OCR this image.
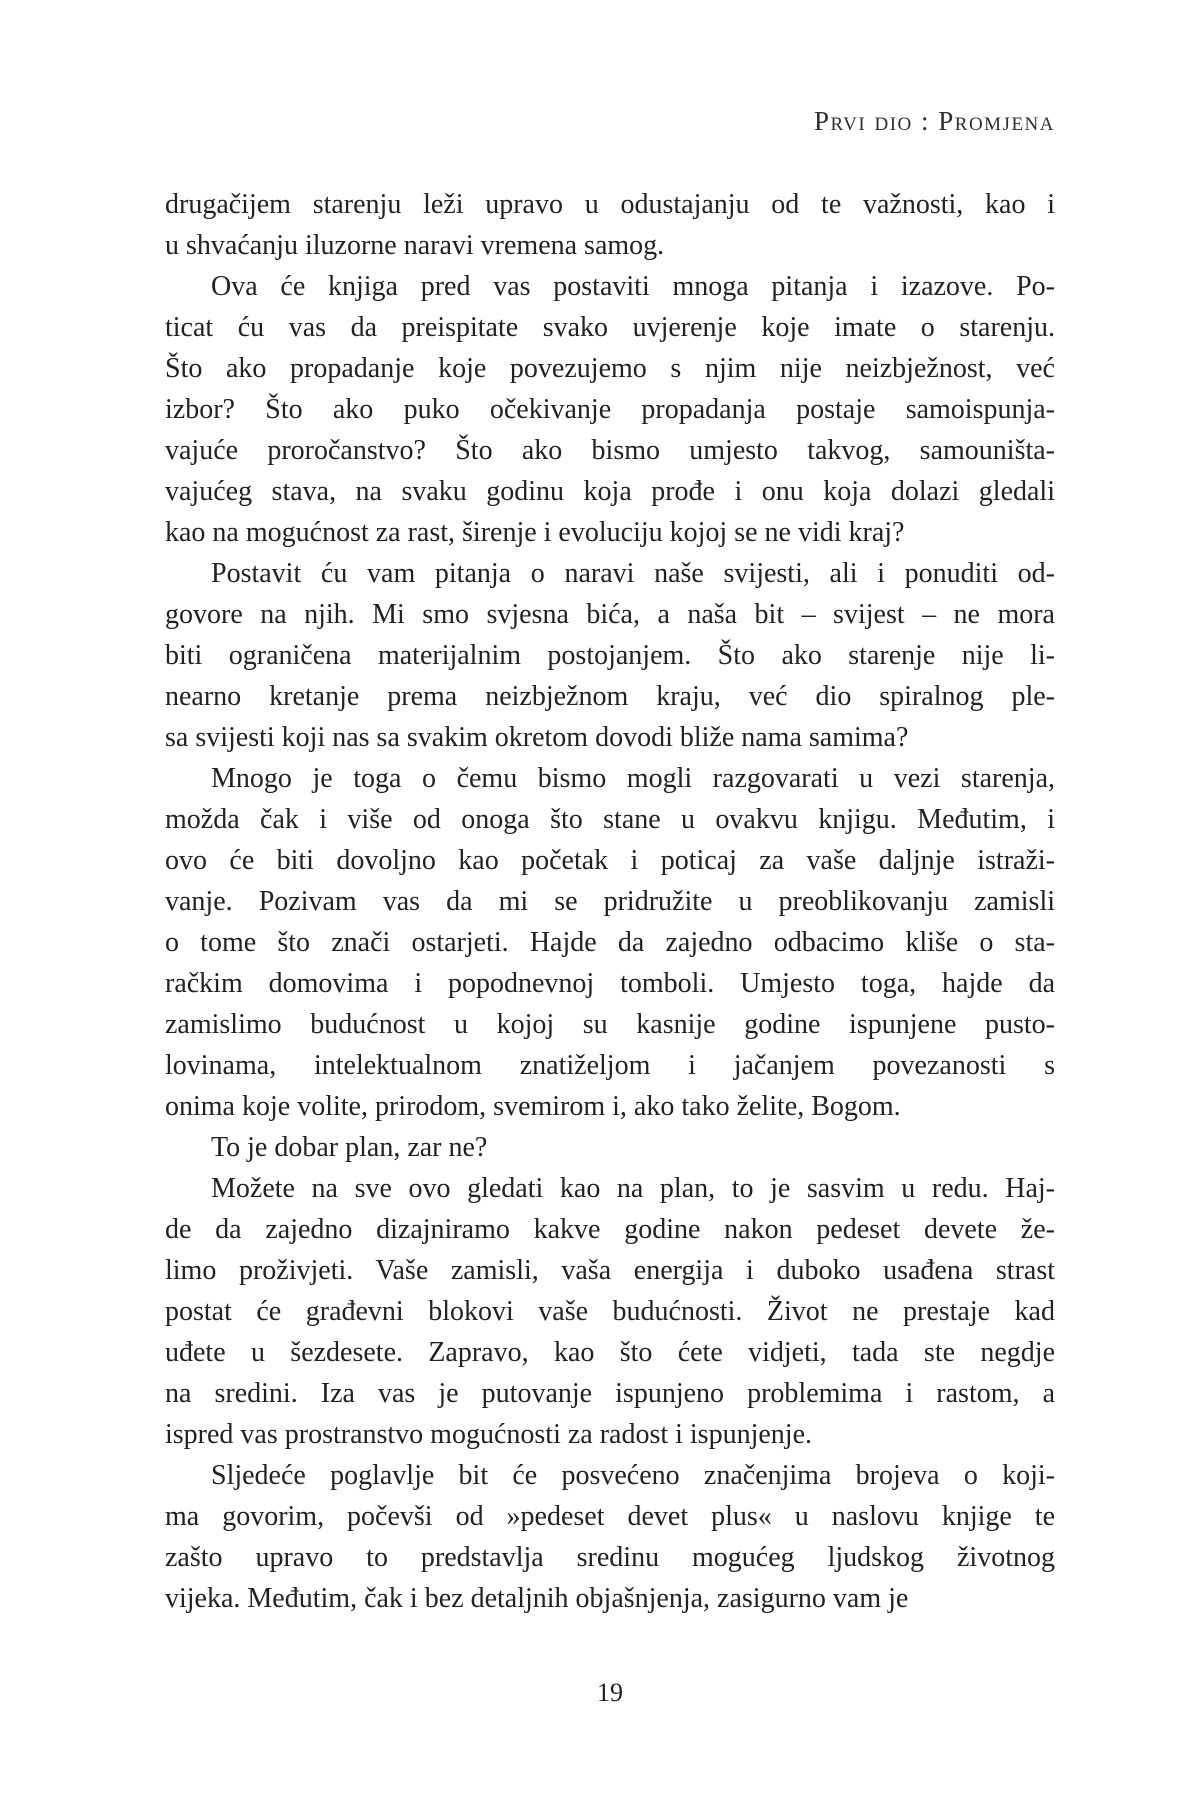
Prvi dio : Promjena
drugačijem starenju leži upravo u odustajanju od te važnosti, kao i
u shvaćanju iluzorne naravi vremena samog.
Ova će knjiga pred vas postaviti mnoga pitanja i izazove. Po-
ticat ću vas da preispitate svako uvjerenje koje imate o starenju.
Što ako propadanje koje povezujemo s njim nije neizbježnost, već
izbor? Što ako puko očekivanje propadanja postaje samoispunja-
vajuće proročanstvo? Što ako bismo umjesto takvog, samouništa-
vajućeg stava, na svaku godinu koja prođe i onu koja dolazi gledali
kao na mogućnost za rast, širenje i evoluciju kojoj se ne vidi kraj?
Postavit ću vam pitanja o naravi naše svijesti, ali i ponuditi od-
govore na njih. Mi smo svjesna bića, a naša bit – svijest – ne mora
biti ograničena materijalnim postojanjem. Što ako starenje nije li-
nearno kretanje prema neizbježnom kraju, već dio spiralnog ple-
sa svijesti koji nas sa svakim okretom dovodi bliže nama samima?
Mnogo je toga o čemu bismo mogli razgovarati u vezi starenja,
možda čak i više od onoga što stane u ovakvu knjigu. Međutim, i
ovo će biti dovoljno kao početak i poticaj za vaše daljnje istraži-
vanje. Pozivam vas da mi se pridružite u preoblikovanju zamisli
o tome što znači ostarjeti. Hajde da zajedno odbacimo kliše o sta-
račkim domovima i popodnevnoj tomboli. Umjesto toga, hajde da
zamislimo budućnost u kojoj su kasnije godine ispunjene pusto-
lovinama, intelektualnom znatiželjom i jačanjem povezanosti s
onima koje volite, prirodom, svemirom i, ako tako želite, Bogom.
To je dobar plan, zar ne?
Možete na sve ovo gledati kao na plan, to je sasvim u redu. Haj-
de da zajedno dizajniramo kakve godine nakon pedeset devete že-
limo proživjeti. Vaše zamisli, vaša energija i duboko usađena strast
postat će građevni blokovi vaše budućnosti. Život ne prestaje kad
uđete u šezdesete. Zapravo, kao što ćete vidjeti, tada ste negdje
na sredini. Iza vas je putovanje ispunjeno problemima i rastom, a
ispred vas prostranstvo mogućnosti za radost i ispunjenje.
Sljedeće poglavlje bit će posvećeno značenjima brojeva o koji-
ma govorim, počevši od »pedeset devet plus« u naslovu knjige te
zašto upravo to predstavlja sredinu mogućeg ljudskog životnog
vijeka. Međutim, čak i bez detaljnih objašnjenja, zasigurno vam je
19
